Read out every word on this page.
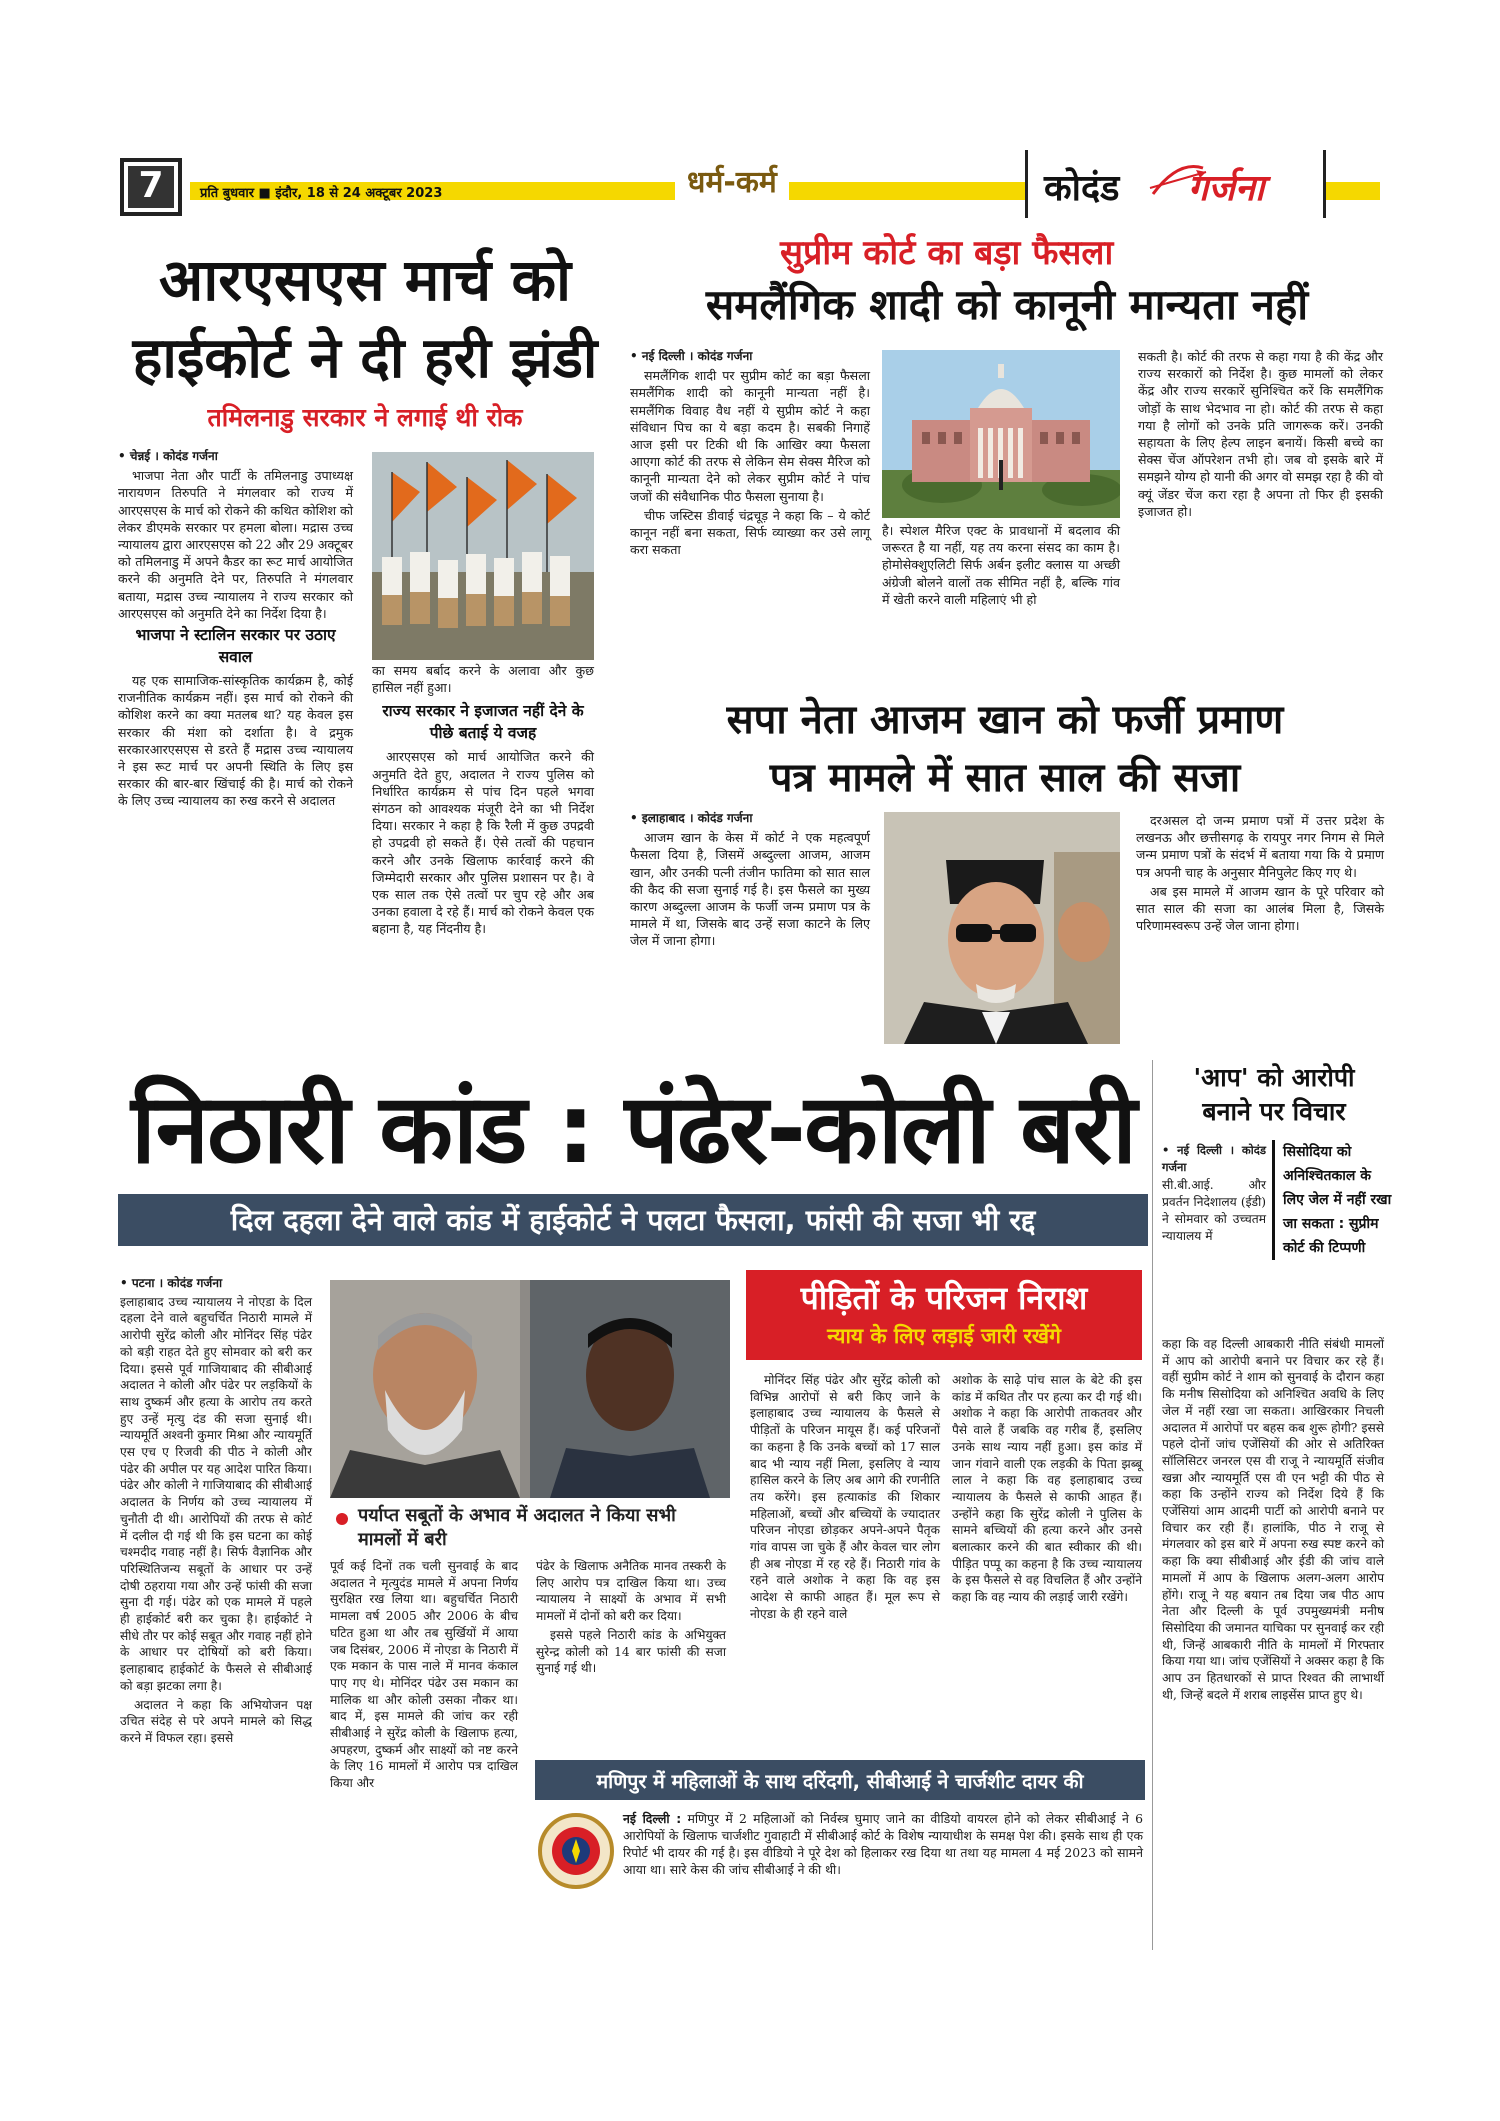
7	प्रति बुधवार ■ इंदौर, 18 से 24 अक्टूबर 2023	धर्म-कर्म	कोदंड गर्जना
आरएसएस मार्च को
हाईकोर्ट ने दी हरी झंडी
तमिलनाडु सरकार ने लगाई थी रोक
• चेन्नई । कोदंड गर्जना

भाजपा नेता और पार्टी के तमिलनाडु उपाध्यक्ष नारायणन तिरुपति ने मंगलवार को राज्य में आरएसएस के मार्च को रोकने की कथित कोशिश को लेकर डीएमके सरकार पर हमला बोला। मद्रास उच्च न्यायालय द्वारा आरएसएस को 22 और 29 अक्टूबर को तमिलनाडु में अपने कैडर का रूट मार्च आयोजित करने की अनुमति देने पर, तिरुपति ने मंगलवार बताया, मद्रास उच्च न्यायालय ने राज्य सरकार को आरएसएस को अनुमति देने का निर्देश दिया है।

भाजपा ने स्टालिन सरकार पर उठाए सवाल

यह एक सामाजिक-सांस्कृतिक कार्यक्रम है, कोई राजनीतिक कार्यक्रम नहीं। इस मार्च को रोकने की कोशिश करने का क्या मतलब था? यह केवल इस सरकार की मंशा को दर्शाता है। वे द्रमुक सरकारआरएसएस से डरते हैं मद्रास उच्च न्यायालय ने इस रूट मार्च पर अपनी स्थिति के लिए इस सरकार की बार-बार खिंचाई की है। मार्च को रोकने के लिए उच्च न्यायालय का रुख करने से अदालत

का समय बर्बाद करने के अलावा और कुछ हासिल नहीं हुआ।

राज्य सरकार ने इजाजत नहीं देने के पीछे बताई ये वजह

आरएसएस को मार्च आयोजित करने की अनुमति देते हुए, अदालत ने राज्य पुलिस को निर्धारित कार्यक्रम से पांच दिन पहले भगवा संगठन को आवश्यक मंजूरी देने का भी निर्देश दिया। सरकार ने कहा है कि रैली में कुछ उपद्रवी हो उपद्रवी हो सकते हैं। ऐसे तत्वों की पहचान करने और उनके खिलाफ कार्रवाई करने की जिम्मेदारी सरकार और पुलिस प्रशासन पर है। वे एक साल तक ऐसे तत्वों पर चुप रहे और अब उनका हवाला दे रहे हैं। मार्च को रोकने केवल एक बहाना है, यह निंदनीय है।

सुप्रीम कोर्ट का बड़ा फैसला
समलैंगिक शादी को कानूनी मान्यता नहीं
• नई दिल्ली । कोदंड गर्जना

समलैंगिक शादी पर सुप्रीम कोर्ट का बड़ा फैसला समलैंगिक शादी को कानूनी मान्यता नहीं है। समलैंगिक विवाह वैध नहीं ये सुप्रीम कोर्ट ने कहा संविधान पिच का ये बड़ा कदम है। सबकी निगाहें आज इसी पर टिकी थी कि आखिर क्या फैसला आएगा कोर्ट की तरफ से लेकिन सेम सेक्स मैरिज को कानूनी मान्यता देने को लेकर सुप्रीम कोर्ट ने पांच जजों की संवैधानिक पीठ फैसला सुनाया है।

चीफ जस्टिस डीवाई चंद्रचूड़ ने कहा कि – ये कोर्ट कानून नहीं बना सकता, सिर्फ व्याख्या कर उसे लागू करा सकता

है। स्पेशल मैरिज एक्ट के प्रावधानों में बदलाव की जरूरत है या नहीं, यह तय करना संसद का काम है। होमोसेक्शुएलिटी सिर्फ अर्बन इलीट क्लास या अच्छी अंग्रेजी बोलने वालों तक सीमित नहीं है, बल्कि गांव में खेती करने वाली महिलाएं भी हो

सकती है। कोर्ट की तरफ से कहा गया है की केंद्र और राज्य सरकारों को निर्देश है। कुछ मामलों को लेकर केंद्र और राज्य सरकारें सुनिश्चित करें कि समलैंगिक जोड़ों के साथ भेदभाव ना हो। कोर्ट की तरफ से कहा गया है लोगों को उनके प्रति जागरूक करें। उनकी सहायता के लिए हेल्प लाइन बनायें। किसी बच्चे का सेक्स चेंज ऑपरेशन तभी हो। जब वो इसके बारे में समझने योग्य हो यानी की अगर वो समझ रहा है की वो क्यूं जेंडर चेंज करा रहा है अपना तो फिर ही इसकी इजाजत हो।

सपा नेता आजम खान को फर्जी प्रमाण
पत्र मामले में सात साल की सजा
• इलाहाबाद । कोदंड गर्जना

आजम खान के केस में कोर्ट ने एक महत्वपूर्ण फैसला दिया है, जिसमें अब्दुल्ला आजम, आजम खान, और उनकी पत्नी तंजीन फातिमा को सात साल की कैद की सजा सुनाई गई है। इस फैसले का मुख्य कारण अब्दुल्ला आजम के फर्जी जन्म प्रमाण पत्र के मामले में था, जिसके बाद उन्हें सजा काटने के लिए जेल में जाना होगा।

दरअसल दो जन्म प्रमाण पत्रों में उत्तर प्रदेश के लखनऊ और छत्तीसगढ़ के रायपुर नगर निगम से मिले जन्म प्रमाण पत्रों के संदर्भ में बताया गया कि ये प्रमाण पत्र अपनी चाह के अनुसार मैनिपुलेट किए गए थे।

अब इस मामले में आजम खान के पूरे परिवार को सात साल की सजा का आलंब मिला है, जिसके परिणामस्वरूप उन्हें जेल जाना होगा।

निठारी कांड : पंढेर-कोली बरी
दिल दहला देने वाले कांड में हाईकोर्ट ने पलटा फैसला, फांसी की सजा भी रद्द
• पटना । कोदंड गर्जना

इलाहाबाद उच्च न्यायालय ने नोएडा के दिल दहला देने वाले बहुचर्चित निठारी मामले में आरोपी सुरेंद्र कोली और मोनिंदर सिंह पंढेर को बड़ी राहत देते हुए सोमवार को बरी कर दिया। इससे पूर्व गाजियाबाद की सीबीआई अदालत ने कोली और पंढेर पर लड़कियों के साथ दुष्कर्म और हत्या के आरोप तय करते हुए उन्हें मृत्यु दंड की सजा सुनाई थी। न्यायमूर्ति अश्वनी कुमार मिश्रा और न्यायमूर्ति एस एच ए रिजवी की पीठ ने कोली और पंढेर की अपील पर यह आदेश पारित किया। पंढेर और कोली ने गाजियाबाद की सीबीआई अदालत के निर्णय को उच्च न्यायालय में चुनौती दी थी। आरोपियों की तरफ से कोर्ट में दलील दी गई थी कि इस घटना का कोई चश्मदीद गवाह नहीं है। सिर्फ वैज्ञानिक और परिस्थितिजन्य सबूतों के आधार पर उन्हें दोषी ठहराया गया और उन्हें फांसी की सजा सुना दी गई। पंढेर को एक मामले में पहले ही हाईकोर्ट बरी कर चुका है। हाईकोर्ट ने सीधे तौर पर कोई सबूत और गवाह नहीं होने के आधार पर दोषियों को बरी किया। इलाहाबाद हाईकोर्ट के फैसले से सीबीआई को बड़ा झटका लगा है।

अदालत ने कहा कि अभियोजन पक्ष उचित संदेह से परे अपने मामले को सिद्ध करने में विफल रहा। इससे

पर्याप्त सबूतों के अभाव में अदालत ने किया सभी मामलों में बरी

पूर्व कई दिनों तक चली सुनवाई के बाद अदालत ने मृत्युदंड मामले में अपना निर्णय सुरक्षित रख लिया था। बहुचर्चित निठारी मामला वर्ष 2005 और 2006 के बीच घटित हुआ था और तब सुर्खियों में आया जब दिसंबर, 2006 में नोएडा के निठारी में एक मकान के पास नाले में मानव कंकाल पाए गए थे। मोनिंदर पंढेर उस मकान का मालिक था और कोली उसका नौकर था। बाद में, इस मामले की जांच कर रही सीबीआई ने सुरेंद्र कोली के खिलाफ हत्या, अपहरण, दुष्कर्म और साक्ष्यों को नष्ट करने के लिए 16 मामलों में आरोप पत्र दाखिल किया और

पंढेर के खिलाफ अनैतिक मानव तस्करी के लिए आरोप पत्र दाखिल किया था। उच्च न्यायालय ने साक्ष्यों के अभाव में सभी मामलों में दोनों को बरी कर दिया।

इससे पहले निठारी कांड के अभियुक्त सुरेन्द्र कोली को 14 बार फांसी की सजा सुनाई गई थी।

पीड़ितों के परिजन निराश
न्याय के लिए लड़ाई जारी रखेंगे

मोनिंदर सिंह पंढेर और सुरेंद्र कोली को विभिन्न आरोपों से बरी किए जाने के इलाहाबाद उच्च न्यायालय के फैसले से पीड़ितों के परिजन मायूस हैं। कई परिजनों का कहना है कि उनके बच्चों को 17 साल बाद भी न्याय नहीं मिला, इसलिए वे न्याय हासिल करने के लिए अब आगे की रणनीति तय करेंगे। इस हत्याकांड की शिकार महिलाओं, बच्चों और बच्चियों के ज्यादातर परिजन नोएडा छोड़कर अपने-अपने पैतृक गांव वापस जा चुके हैं और केवल चार लोग ही अब नोएडा में रह रहे हैं। निठारी गांव के रहने वाले अशोक ने कहा कि वह इस आदेश से काफी आहत हैं। मूल रूप से नोएडा के ही रहने वाले

अशोक के साढ़े पांच साल के बेटे की इस कांड में कथित तौर पर हत्या कर दी गई थी। अशोक ने कहा कि आरोपी ताकतवर और पैसे वाले हैं जबकि वह गरीब हैं, इसलिए उनके साथ न्याय नहीं हुआ। इस कांड में जान गंवाने वाली एक लड़की के पिता झब्बू लाल ने कहा कि वह इलाहाबाद उच्च न्यायालय के फैसले से काफी आहत हैं। उन्होंने कहा कि सुरेंद्र कोली ने पुलिस के सामने बच्चियों की हत्या करने और उनसे बलात्कार करने की बात स्वीकार की थी। पीड़ित पप्पू का कहना है कि उच्च न्यायालय के इस फैसले से वह विचलित हैं और उन्होंने कहा कि वह न्याय की लड़ाई जारी रखेंगे।

मणिपुर में महिलाओं के साथ दरिंदगी, सीबीआई ने चार्जशीट दायर की
नई दिल्ली : मणिपुर में 2 महिलाओं को निर्वस्त्र घुमाए जाने का वीडियो वायरल होने को लेकर सीबीआई ने 6 आरोपियों के खिलाफ चार्जशीट गुवाहाटी में सीबीआई कोर्ट के विशेष न्यायाधीश के समक्ष पेश की। इसके साथ ही एक रिपोर्ट भी दायर की गई है। इस वीडियो ने पूरे देश को हिलाकर रख दिया था तथा यह मामला 4 मई 2023 को सामने आया था। सारे केस की जांच सीबीआई ने की थी।
'आप' को आरोपी
बनाने पर विचार
• नई दिल्ली । कोदंड गर्जना

सी.बी.आई. और प्रवर्तन निदेशालय (ईडी) ने सोमवार को उच्चतम न्यायालय में

सिसोदिया को अनिश्चितकाल के लिए जेल में नहीं रखा जा सकता : सुप्रीम कोर्ट की टिप्पणी

कहा कि वह दिल्ली आबकारी नीति संबंधी मामलों में आप को आरोपी बनाने पर विचार कर रहे हैं। वहीं सुप्रीम कोर्ट ने शाम को सुनवाई के दौरान कहा कि मनीष सिसोदिया को अनिश्चित अवधि के लिए जेल में नहीं रखा जा सकता। आखिरकार निचली अदालत में आरोपों पर बहस कब शुरू होगी? इससे पहले दोनों जांच एजेंसियों की ओर से अतिरिक्त सॉलिसिटर जनरल एस वी राजू ने न्यायमूर्ति संजीव खन्ना और न्यायमूर्ति एस वी एन भट्टी की पीठ से कहा कि उन्होंने राज्य को निर्देश दिये हैं कि एजेंसियां आम आदमी पार्टी को आरोपी बनाने पर विचार कर रही हैं। हालांकि, पीठ ने राजू से मंगलवार को इस बारे में अपना रुख स्पष्ट करने को कहा कि क्या सीबीआई और ईडी की जांच वाले मामलों में आप के खिलाफ अलग-अलग आरोप होंगे। राजू ने यह बयान तब दिया जब पीठ आप नेता और दिल्ली के पूर्व उपमुख्यमंत्री मनीष सिसोदिया की जमानत याचिका पर सुनवाई कर रही थी, जिन्हें आबकारी नीति के मामलों में गिरफ्तार किया गया था। जांच एजेंसियों ने अक्सर कहा है कि आप उन हितधारकों से प्राप्त रिश्वत की लाभार्थी थी, जिन्हें बदले में शराब लाइसेंस प्राप्त हुए थे।
